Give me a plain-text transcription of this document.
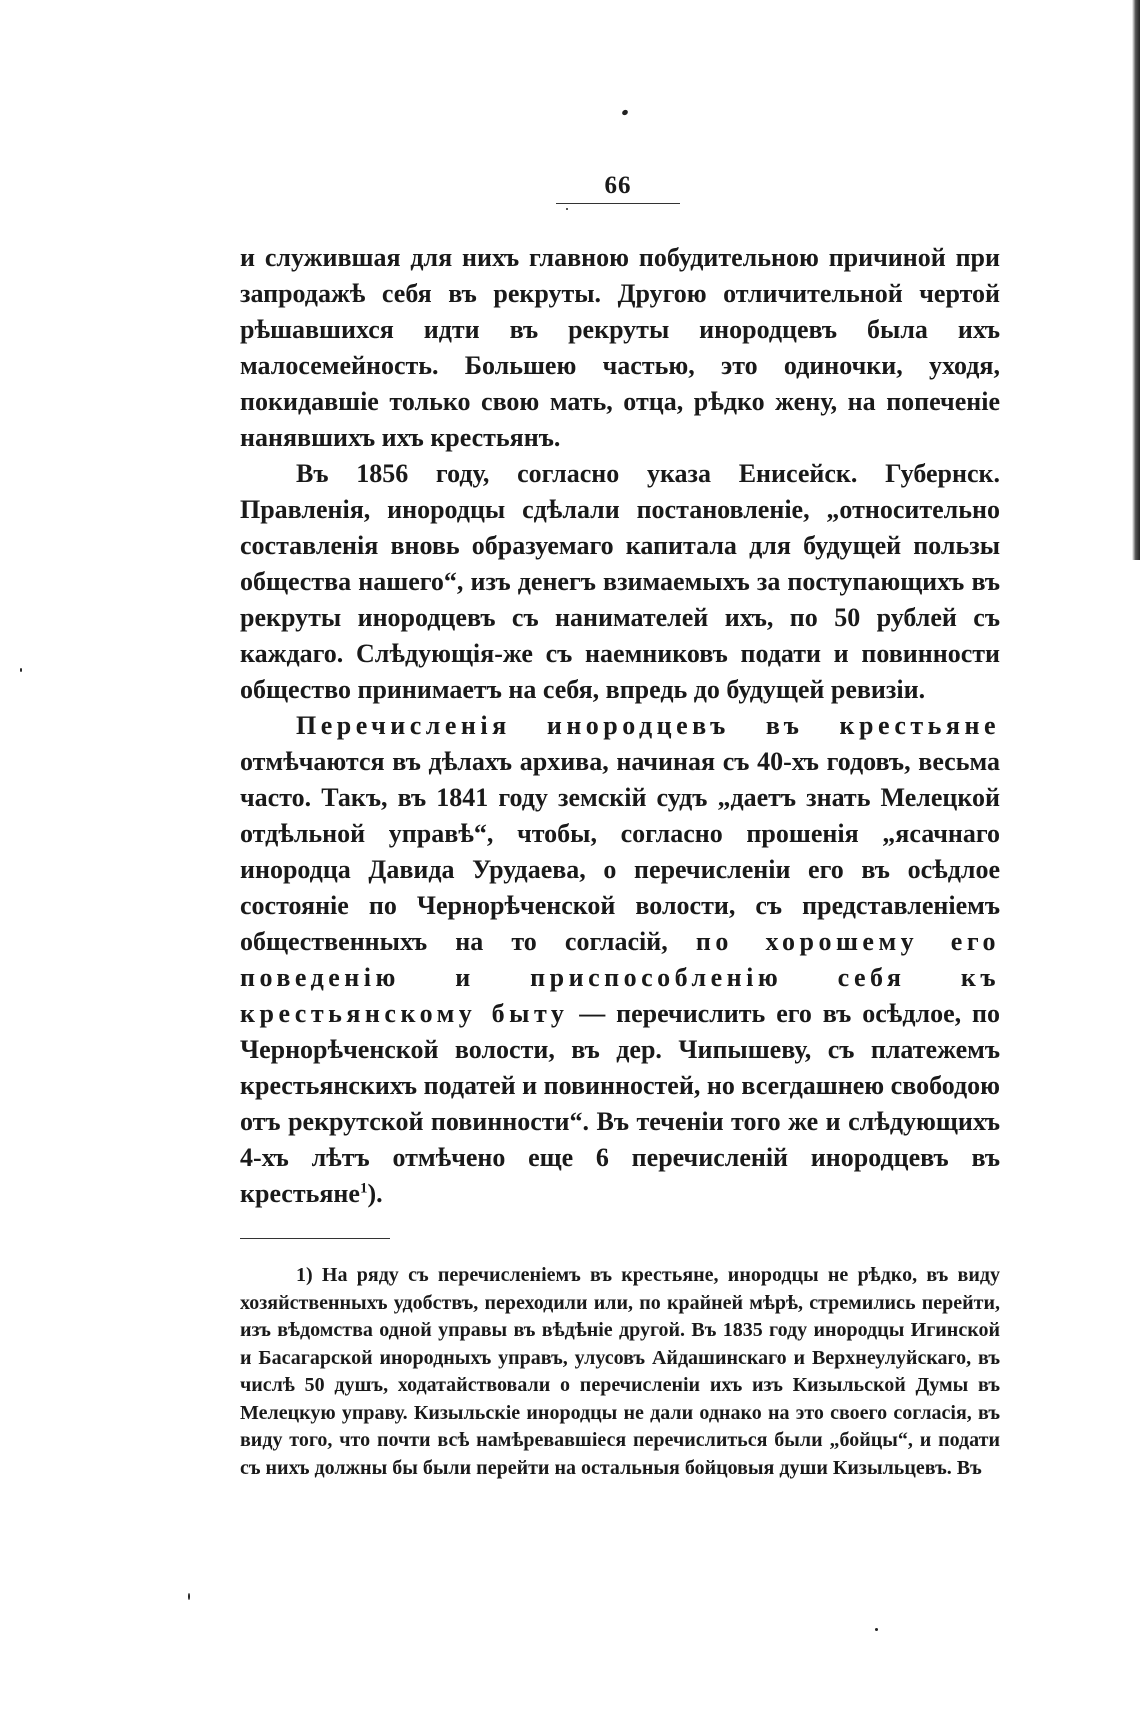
66

и служившая для нихъ главною побудительною причиной при запродажѣ себя въ рекруты. Другою отличительной чертой рѣшавшихся идти въ рекруты инородцевъ была ихъ малосемейность. Большею частью, это одиночки, уходя, покидавшіе только свою мать, отца, рѣдко жену, на попеченіе нанявшихъ ихъ крестьянъ.

Въ 1856 году, согласно указа Енисейск. Губернск. Правленія, инородцы сдѣлали постановленіе, „относительно составленія вновь образуемаго капитала для будущей пользы общества нашего“, изъ денегъ взимаемыхъ за поступающихъ въ рекруты инородцевъ съ нанимателей ихъ, по 50 рублей съ каждаго. Слѣдующія-же съ наемниковъ подати и повинности общество принимаетъ на себя, впредь до будущей ревизіи.

Перечисленія инородцевъ въ крестьяне отмѣчаются въ дѣлахъ архива, начиная съ 40-хъ годовъ, весьма часто. Такъ, въ 1841 году земскій судъ „даетъ знать Мелецкой отдѣльной управѣ“, чтобы, согласно прошенія „ясачнаго инородца Давида Урудаева, о перечисленіи его въ осѣдлое состояніе по Чернорѣченской волости, съ представленіемъ общественныхъ на то согласій, по хорошему его поведенію и приспособленію себя къ крестьянскому быту — перечислить его въ осѣдлое, по Чернорѣченской волости, въ дер. Чипышеву, съ платежемъ крестьянскихъ податей и повинностей, но всегдашнею свободою отъ рекрутской повинности“. Въ теченіи того же и слѣдующихъ 4-хъ лѣтъ отмѣчено еще 6 перечисленій инородцевъ въ крестьяне$^1$).

1) На ряду съ перечисленіемъ въ крестьяне, инородцы не рѣдко, въ виду хозяйственныхъ удобствъ, переходили или, по крайней мѣрѣ, стремились перейти, изъ вѣдомства одной управы въ вѣдѣніе другой. Въ 1835 году инородцы Игинской и Басагарской инородныхъ управъ, улусовъ Айдашинскаго и Верхнеулуйскаго, въ числѣ 50 душъ, ходатайствовали о перечисленіи ихъ изъ Кизыльской Думы въ Мелецкую управу. Кизыльскіе инородцы не дали однако на это своего согласія, въ виду того, что почти всѣ намѣревавшіеся перечислиться были „бойцы“, и подати съ нихъ должны бы были перейти на остальныя бойцовыя души Кизыльцевъ. Въ
